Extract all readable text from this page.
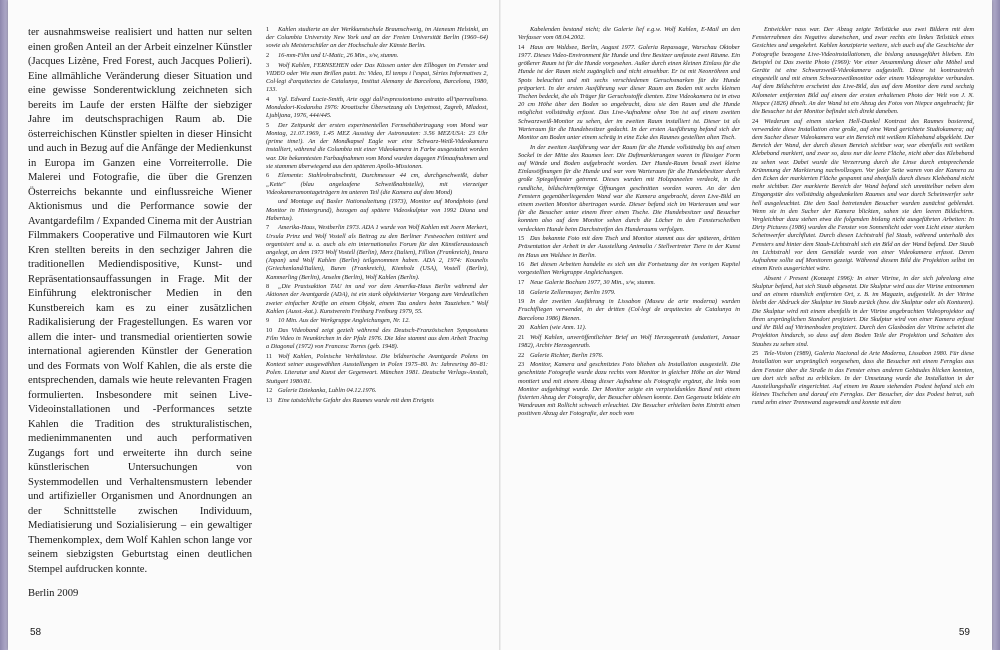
ter ausnahmsweise realisiert und hatten nur selten einen großen Anteil an der Arbeit einzelner Künstler (Jacques Lizène, Fred Forest, auch Jacques Polieri). Eine allmähliche Veränderung dieser Situation und eine gewisse Sonderentwicklung zeichneten sich bereits im Laufe der ersten Hälfte der siebziger Jahre im deutschsprachigen Raum ab. Die österreichischen Künstler spielten in dieser Hinsicht und auch in Bezug auf die Anfänge der Medienkunst in Europa im Ganzen eine Vorreiterrolle. Die Malerei und Fotografie, die über die Grenzen Österreichs bekannte und einflussreiche Wiener Aktionismus und die Performance sowie der Avantgardefilm / Expanded Cinema mit der Austrian Filmmakers Cooperative und Filmautoren wie Kurt Kren stellten bereits in den sechziger Jahren die traditionellen Mediendispositive, Kunst- und Repräsentationsauffassungen in Frage. Mit der Einführung elektronischer Medien in den Kunstbereich kam es zu einer zusätzlichen Radikalisierung der Fragestellungen. Es waren vor allem die inter- und transmedial orientierten sowie international agierenden Künstler der Generation und des Formats von Wolf Kahlen, die als erste die entsprechenden, damals wie heute relevanten Fragen formulierten. Insbesondere mit seinen Live-Videoinstallationen und -Performances setzte Kahlen die Tradition des strukturalistischen, medienimmanenten und auch performativen Zugangs fort und erweiterte ihn durch seine künstlerischen Untersuchungen von Systemmodellen und Verhaltensmustern lebender und artifizieller Organismen und Anordnungen an der Schnittstelle zwischen Individuum, Mediatisierung und Sozialisierung – ein gewaltiger Themenkomplex, dem Wolf Kahlen schon lange vor seinem siebzigsten Geburtstag einen deutlichen Stempel aufdrucken konnte.

Berlin 2009

1 Kahlen studierte an der Werkkunstschule Braunschweig, im Ateneum Helsinki, an der Columbia University New York und an der Freien Universität Berlin (1960–64) sowie als Meisterschüler an der Hochschule der Künste Berlin.

2 16-mm-Film und U-Matic, 26 Min., s/w, stumm.

3 Wolf Kahlen, FERNSEHEN oder Das Küssen unter den Ellbogen im Fenster und VIDEO oder Wie man Brillen putzt. In: Video, El temps i l'espai, Sèries Informatives 2, Col·legi d'arquitectes de Catalunya, Institut Alemany de Barcelona, Barcelona, 1980, 133.

4 Vgl. Edward Lucie-Smith, Arte oggi dall'espressionismo astratto all'iperrealismo. Mondadori-Kodansha 1976: Kroatische Übersetzung als Umjetnost, Zagreb, Mladost, Ljubljana, 1976, 444/445.

5 Der Zeitpunkt der ersten experimentellen Fernsehübertragung vom Mond war Montag, 21.07.1969, 1.45 MEZ Ausstieg der Astronauten: 3.56 MEZ/USA: 23 Uhr (prime time!). An der Mondkapsel Eagle war eine Schwarz-Weiß-Videokamera installiert, während die Columbia mit einer Videokamera in Farbe ausgestattet worden war. Die bekanntesten Farbaufnahmen vom Mond wurden dagegen Filmaufnahmen und sie stammen überwiegend aus den späteren Apollo-Missionen.

6 Elemente: Stahlrohrabschnitt, Durchmesser 44 cm, durchgeschweißt, daher „Kette" (blau angelaufene Schweißnahtstelle), mit vierzeiger Videokameramontageträgern im unteren Teil (die Kamera auf dem Mond)

und Montage auf Basler Nationalzeitung (1973), Monitor auf Mondphoto (und Monitor in Hintergrund), bezogen auf spätere Videoskulptur von 1992 Diana und Habertus).

7 Amerika-Haus, Westberlin 1973. ADA 1 wurde von Wolf Kahlen mit Joern Merkert, Ursula Prinz und Wolf Vostell als Beitrag zu den Berliner Festwochen initiiert und organisiert und u. a. auch als ein internationales Forum für den Künstleraustausch angelegt, an dem 1973 Wolf Vostell (Berlin), Merz (Italien), Fillion (Frankreich), Imura (Japan) und Wolf Kahlen (Berlin) teilgenommen haben. ADA 2, 1974: Kounelis (Griechenland/Italien), Buren (Frankreich), Kienholz (USA), Vostell (Berlin), Kammerling (Berlin), Anselm (Berlin), Wolf Kahlen (Berlin).

8 „Die Praxisaktion TAU im und vor dem Amerika-Haus Berlin während der Aktionen der Avantgarde (ADA), ist ein stark objektivierter Vorgang zum Verdeutlichen zweier einfacher Kräfte an einem Objekt, einem Tau anders beim Tauziehen." Wolf Kahlen (Ausst.-kat.). Kunstverein Freiburg Freiburg 1979, 55.

9 10 Min. Aus der Werkgruppe Angleichungen, Nr. 12.

10 Das Videoband zeigt gezielt während des Deutsch-Französischen Symposiums Film Video in Neunkirchen in der Pfalz 1976. Die Idee stammt aus dem Arbeit Tracing a Diagonal (1972) von Francesc Torres (geb. 1948).

11 Wolf Kahlen, Polnische Verhältnisse. Die bildnerische Avantgarde Polens im Kontext seiner ausgewählten Ausstellungen in Polen 1975–80. In: Jahresring 80–81: Polen. Literatur und Kunst der Gegenwart. München 1981. Deutsche Verlags-Anstalt, Stuttgart 1980/81.

12 Galerie Dziekanka, Lublin 04.12.1976.

13 Eine tatsächliche Gefahr des Raumes wurde mit dem Ereignis

58

Kabelenden bestand nicht; die Galerie lief e.g.w. Wolf Kahlen, E-Mail an den Verfasser vom 08.04.2002.

14 Haus am Waldsee, Berlin, August 1977. Galeria Repassage, Warschau Oktober 1977. Dieses Video-Environment für Hunde und ihre Besitzer umfasste zwei Räume. Ein größerer Raum ist für die Hunde vorgesehen. Außer durch einen kleinen Einlass für die Hunde ist der Raum nicht zugänglich und nicht einsehbar. Er ist mit Neonröhren und Spots beleuchtet und mit sechs verschiedenen Geruchsmarken für die Hunde präpariert. In der ersten Ausführung war dieser Raum am Boden mit sechs kleinen Tischen bedeckt, die als Träger für Geruchsstoffe dienten. Eine Videokamera ist in etwa 20 cm Höhe über den Boden so angebracht, dass sie den Raum und die Hunde möglichst vollständig erfasst. Das Live-Aufnahme ohne Ton ist auf einem zweiten Schwarzweiß-Monitor zu sehen, der im zweiten Raum installiert ist. Dieser ist als Warteraum für die Hundebesitzer gedacht. In der ersten Ausführung befand sich der Monitor am Boden unter einem schräg in eine Ecke des Raumes gestellten alten Tisch.

In der zweiten Ausführung war der Raum für die Hunde vollständig bis auf einen Sockel in der Mitte des Raumes leer. Die Duftmarkierungen waren in flüssiger Form auf Wände und Boden aufgebracht worden. Der Hunde-Raum besaß zwei kleine Einlassöffnungen für die Hunde und war vom Warteraum für die Hundebesitzer durch große Spiegelfenster getrennt. Dieses wurden mit Holzpaneelen verdeckt, in die rundliche, bildschirmförmige Öffnungen geschnitten worden waren. An der den Fenstern gegenüberliegenden Wand war die Kamera angebracht, deren Live-Bild an einem zweiten Monitor übertragen wurde. Dieser befand sich im Warteraum und war für die Besucher unter einem Ihrer einen Tische. Die Hundebesitzer und Besucher konnten also auf dem Monitor sehen durch die Löcher in den Fensterscheiben verdeckten Hunde beim Durchstreifen des Hunderaums verfolgen.

15 Das bekannte Foto mit dem Tisch und Monitor stammt aus der späteren, dritten Präsentation der Arbeit in der Ausstellung Animalia / Stellvertreter Tiere in der Kunst im Haus am Waldsee in Berlin.

16 Bei diesen Arbeiten handelte es sich um die Fortsetzung der im vorigen Kapitel vorgestellten Werkgruppe Angleichungen.

17 Neue Galerie Bochum 1977, 30 Min., s/w, stumm.

18 Galerie Zellermayer, Berlin 1979.

19 In der zweiten Ausführung in Lissabon (Museu de arte moderna) wurden Fruchtfliegen verwendet, in der dritten (Col·legi de arquitectes de Catalunya in Barcelona 1986) Bienen.

20 Kahlen (wie Anm. 11).

21 Wolf Kahlen, unveröffentlichter Brief an Wolf Herzogenrath (undatiert, Januar 1982), Archiv Herzogenrath.

22 Galerie Richter, Berlin 1976.

23 Monitor, Kamera und geschnitztes Foto blieben als Installation ausgestellt. Die geschnitzte Fotografie wurde dazu rechts vom Monitor in gleicher Höhe an der Wand montiert und mit einem Abzug dieser Aufnahme als Fotografie ergänzt, die links vom Monitor aufgehängt wurde. Der Monitor zeigte ein verpixeldunkles Band mit einem fixierten Abzug der Fotografie, der Besucher ablesen konnte. Den Gegensatz bildete ein Wandraum mit Rollicht schwach erleuchtet. Die Besucher erhielten beim Eintritt einen positiven Abzug der Fotografie, der noch vom

Entwickler nass war. Der Abzug zeigte Teilstücke aus zwei Bildern mit dem Fensterrahmen des Negativs dazwischen, und zwar rechts ein linkes Teilstück eines Gesichtes und umgekehrt. Kahlen konzipierte weitere, sich auch auf die Geschichte der Fotografie bezogene Live-Videoinstallationen, die bislang unausgeführt blieben. Ein Beispiel ist Das zweite Photo (1969): Vor einer Ansammlung dieser alte Möbel und Geräte ist eine Schwarzweiß-Videokamera aufgestellt. Diese ist kontrastreich eingestellt und mit einem Schwarzweißmonitor oder einem Videoprojektor verbunden. Auf dem Bildschirm erscheint das Live-Bild, das auf dem Monitor dem rund sechzig Kilometer entfernten Bild auf einem der ersten erhaltenen Photo der Welt von J. N. Niepce (1826) ähnelt. An der Wand ist ein Abzug des Fotos von Niepce angebracht; für die Besucher ist der Monitor befindet sich direkt daneben.

24 Wiederum auf einem starken Hell-Dunkel Kontrast des Raumes basierend, verwendete diese Installation eine große, auf eine Wand gerichtete Studiokamera; auf dem Sucher dieser Videokamera war ein Bereich mit weißem Klebeband abgeklebt. Der Bereich der Wand, der durch diesen Bereich sichtbar war, war ebenfalls mit weißem Klebeband markiert, und zwar so, dass nur die leere Fläche, nicht aber das Klebeband zu sehen war. Dabei wurde die Verzerrung durch die Linse durch entsprechende Krümmung der Markierung nachvollzogen. Vor jeder Seite waren von der Kamera zu den Ecken der markierten Fläche gespannt und ebenfalls durch dieses Klebeband nicht mehr sichtbar. Der markierte Bereich der Wand befand sich unmittelbar neben dem Eingangstür des vollständig abgedunkelten Raumes und war durch Scheinwerfer sehr hell ausgeleuchtet. Die den Saal betretenden Besucher wurden zunächst geblendet. Wenn sie in den Sucher der Kamera blickten, sahen sie den leeren Bildschirm. Vergleichbar dazu stehen etwa die folgenden bislang nicht ausgeführten Arbeiten: In Dirty Pictures (1986) wurden die Fenster von Sonnenlicht oder vom Licht einer starken Scheinwerfer durchflutet. Durch diesen Lichtstrahl fiel Staub, während unterhalb des Fensters und hinter dem Staub-Lichtstrahl sich ein Bild an der Wand befand. Der Staub im Lichtstrahl vor dem Gemälde wurde von einer Videokamera erfasst. Deren Aufnahme sollte auf Monitoren gezeigt. Während diesem Bild die Projektion selbst im einem Kreis ausgerichtet wäre.

Absent / Present (Konzept 1996): In einer Vitrine, in der sich jahrelang eine Skulptur befand, hat sich Staub abgesetzt. Die Skulptur wird aus der Vitrine entnommen und an einem räumlich entfernten Ort, z. B. im Magazin, aufgestellt. In der Vitrine bleibt der Abdruck der Skulptur im Staub zurück (bzw. die Skulptur oder als Konturen). Die Skulptur wird mit einem ebenfalls in der Vitrine angebrachten Videoprojektor auf ihren ursprünglichen Standort projiziert. Die Skulptur wird von einer Kamera erfasst und ihr Bild auf Vitrinenboden projiziert. Durch den Glasboden der Vitrine scheint die Projektion hindurch, so dass auf dem Boden Teile der Projektion und Schatten des Staubes zu sehen sind.

25 Tele-Vision (1989), Galeria Nacional de Arte Moderna, Lissabon 1980. Für diese Installation war ursprünglich vorgesehen, dass die Besucher mit einem Fernglas aus dem Fenster über die Straße in das Fenster eines anderen Gebäudes blicken konnten, um dort sich selbst zu erblicken. In der Umsetzung wurde die Installation in der Ausstellungshalle eingerichtet. Auf einem im Raum stehenden Podest befand sich ein kleines Tischchen und darauf ein Fernglas. Der Besucher, der das Podest betrat, sah rund zehn einer Trennwand zugewandt und konnte mit dem

59
